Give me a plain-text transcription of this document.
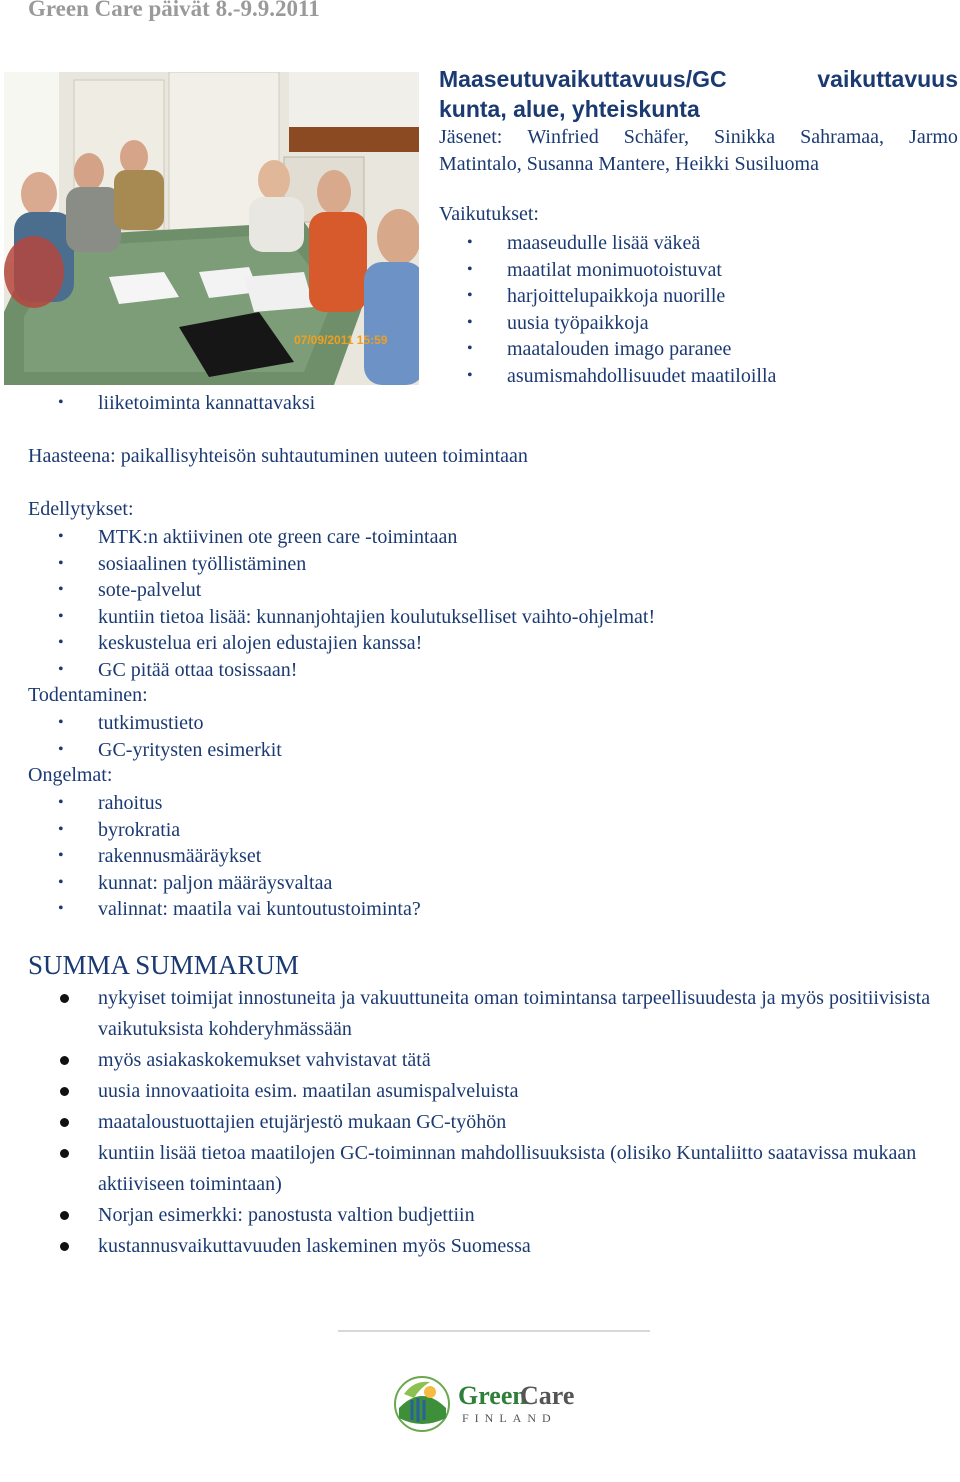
Green Care päivät 8.-9.9.2011
07/09/2011 15:59
Maaseutuvaikuttavuus/GC	vaikuttavuus
kunta, alue, yhteiskunta
Jäsenet: Winfried Schäfer, Sinikka Sahramaa, Jarmo
Matintalo, Susanna Mantere, Heikki Susiluoma
Vaikutukset:
• maaseudulle lisää väkeä
• maatilat monimuotoistuvat
• harjoittelupaikkoja nuorille
• uusia työpaikkoja
• maatalouden imago paranee
• asumismahdollisuudet maatiloilla
• liiketoiminta kannattavaksi
Haasteena: paikallisyhteisön suhtautuminen uuteen toimintaan
Edellytykset:
• MTK:n aktiivinen ote green care -toimintaan
• sosiaalinen työllistäminen
• sote-palvelut
• kuntiin tietoa lisää: kunnanjohtajien koulutukselliset vaihto-ohjelmat!
• keskustelua eri alojen edustajien kanssa!
• GC pitää ottaa tosissaan!
Todentaminen:
• tutkimustieto
• GC-yritysten esimerkit
Ongelmat:
• rahoitus
• byrokratia
• rakennusmääräykset
• kunnat: paljon määräysvaltaa
• valinnat: maatila vai kuntoutustoiminta?
SUMMA SUMMARUM
nykyiset toimijat innostuneita ja vakuuttuneita oman toimintansa tarpeellisuudesta ja myös positiivisista vaikutuksista kohderyhmässään
myös asiakaskokemukset vahvistavat tätä
uusia innovaatioita esim. maatilan asumispalveluista
maataloustuottajien etujärjestö mukaan GC-työhön
kuntiin lisää tietoa maatilojen GC-toiminnan mahdollisuuksista (olisiko Kuntaliitto saatavissa mukaan aktiiviseen toimintaan)
Norjan esimerkki: panostusta valtion budjettiin
kustannusvaikuttavuuden laskeminen myös Suomessa
Green
Care
FINLAND
